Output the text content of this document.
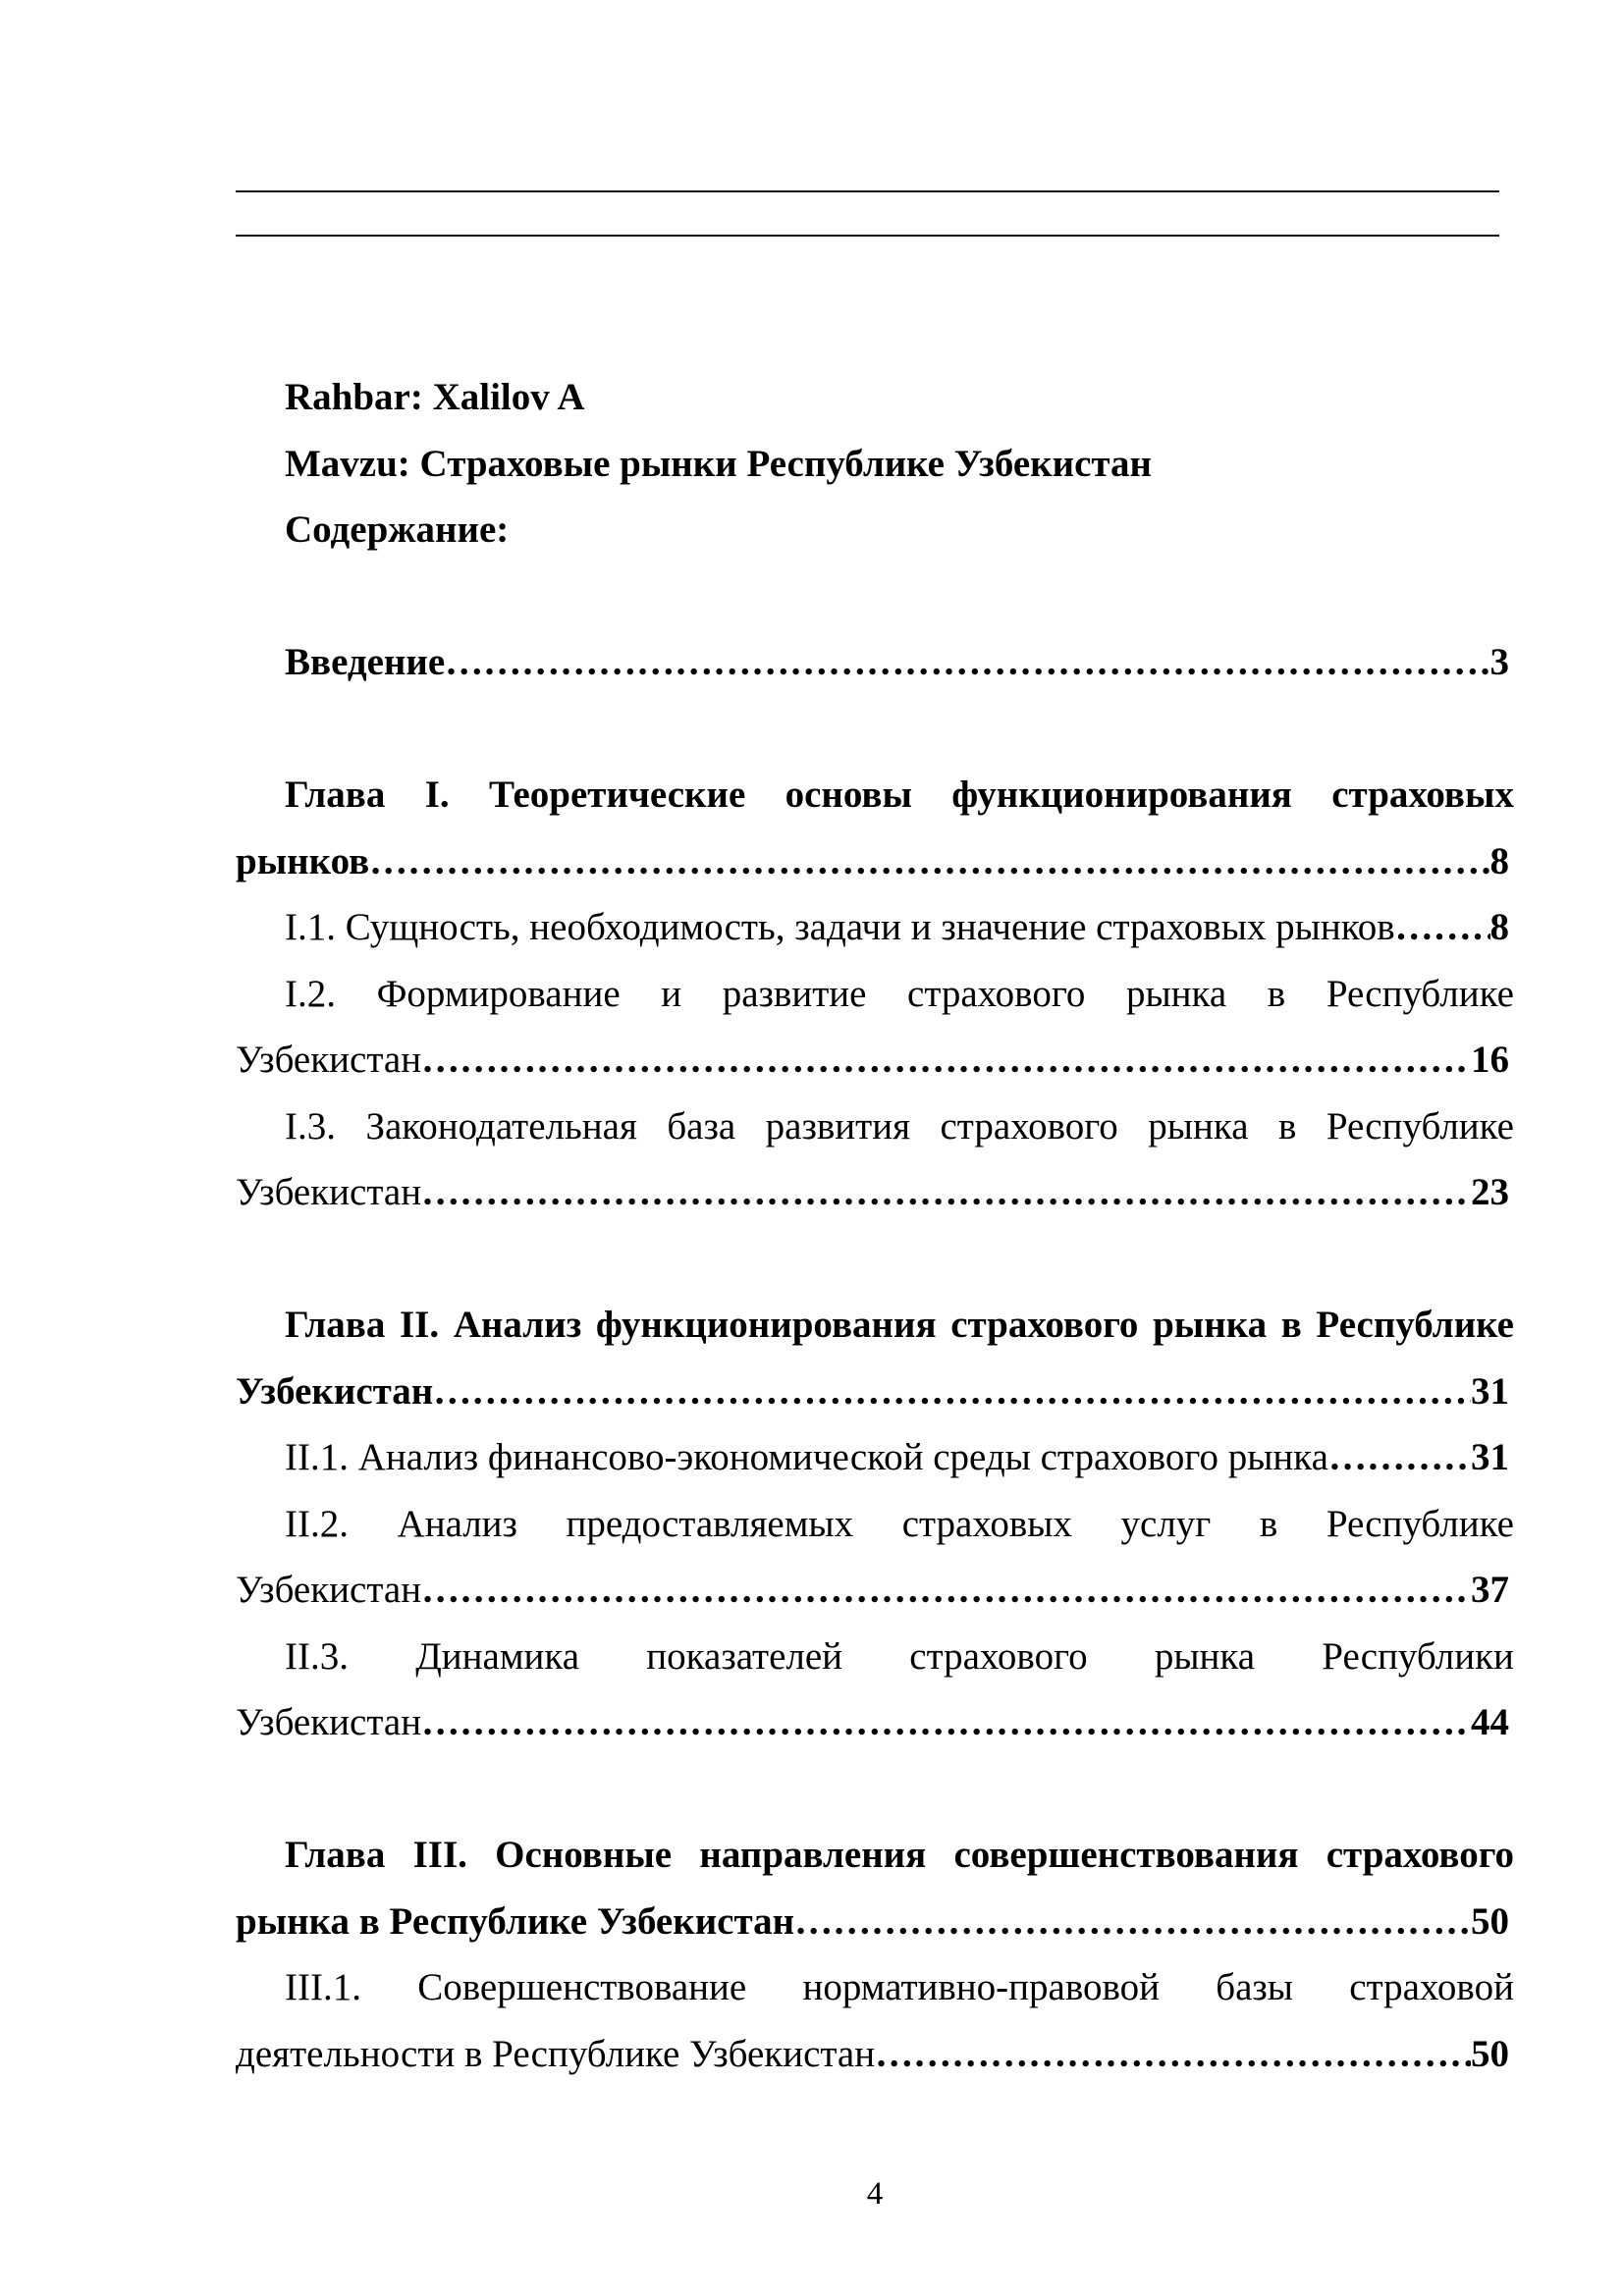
Rahbar: Xalilov A
Mavzu: Страховые рынки Республике Узбекистан
Содержание:
Введение …………………………………………………………………………………………………………………	3
Глава I. Теоретические основы функционирования страховых
рынков …………………………………………………………………………………………………………………	8
I.1. Сущность, необходимость, задачи и значение страховых рынков ………………………………………………………………………………………………………………… 8
I.2. Формирование и развитие страхового рынка в Республике
Узбекистан …………………………………………………………………………………………………………………	16
I.3. Законодательная база развития страхового рынка в Республике
Узбекистан …………………………………………………………………………………………………………………	23
Глава II. Анализ функционирования страхового рынка в Республике
Узбекистан …………………………………………………………………………………………………………………	31
II.1. Анализ финансово-экономической среды страхового рынка …………………………………………………………………………………………………………………	31
II.2. Анализ предоставляемых страховых услуг в Республике
Узбекистан …………………………………………………………………………………………………………………	37
II.3. Динамика показателей страхового рынка Республики
Узбекистан …………………………………………………………………………………………………………………	44
Глава III. Основные направления совершенствования страхового
рынка в Республике Узбекистан …………………………………………………………………………………………………………………	50
III.1. Совершенствование нормативно-правовой базы страховой
деятельности в Республике Узбекистан …………………………………………………………………………………………………………………	50
4
